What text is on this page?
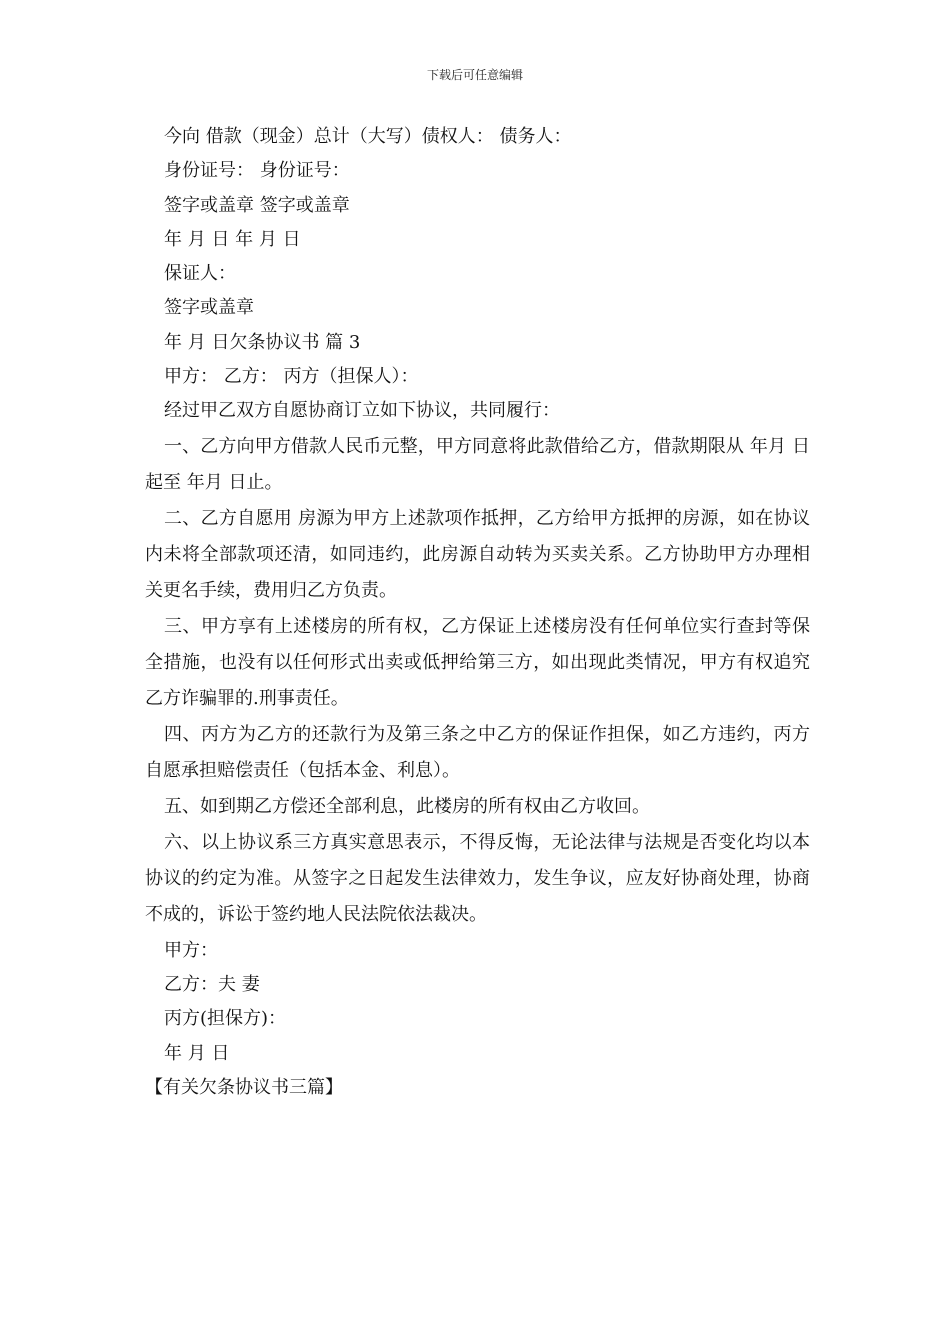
下载后可任意编辑
今向 借款（现金）总计（大写）债权人： 债务人：
身份证号： 身份证号：
签字或盖章 签字或盖章
年 月 日 年 月 日
保证人：
签字或盖章
年 月 日欠条协议书 篇 3
甲方： 乙方： 丙方（担保人）：
经过甲乙双方自愿协商订立如下协议，共同履行：

一、乙方向甲方借款人民币元整，甲方同意将此款借给乙方，借款期限从 年月 日起至 年月 日止。

二、乙方自愿用 房源为甲方上述款项作抵押，乙方给甲方抵押的房源，如在协议内未将全部款项还清，如同违约，此房源自动转为买卖关系。乙方协助甲方办理相关更名手续，费用归乙方负责。

三、甲方享有上述楼房的所有权，乙方保证上述楼房没有任何单位实行查封等保全措施，也没有以任何形式出卖或低押给第三方，如出现此类情况，甲方有权追究乙方诈骗罪的.刑事责任。

四、丙方为乙方的还款行为及第三条之中乙方的保证作担保，如乙方违约，丙方自愿承担赔偿责任（包括本金、利息）。

五、如到期乙方偿还全部利息，此楼房的所有权由乙方收回。

六、以上协议系三方真实意思表示，不得反悔，无论法律与法规是否变化均以本协议的约定为准。从签字之日起发生法律效力，发生争议，应友好协商处理，协商不成的，诉讼于签约地人民法院依法裁决。

甲方：
乙方：夫 妻
丙方(担保方)：
年 月 日
【有关欠条协议书三篇】
